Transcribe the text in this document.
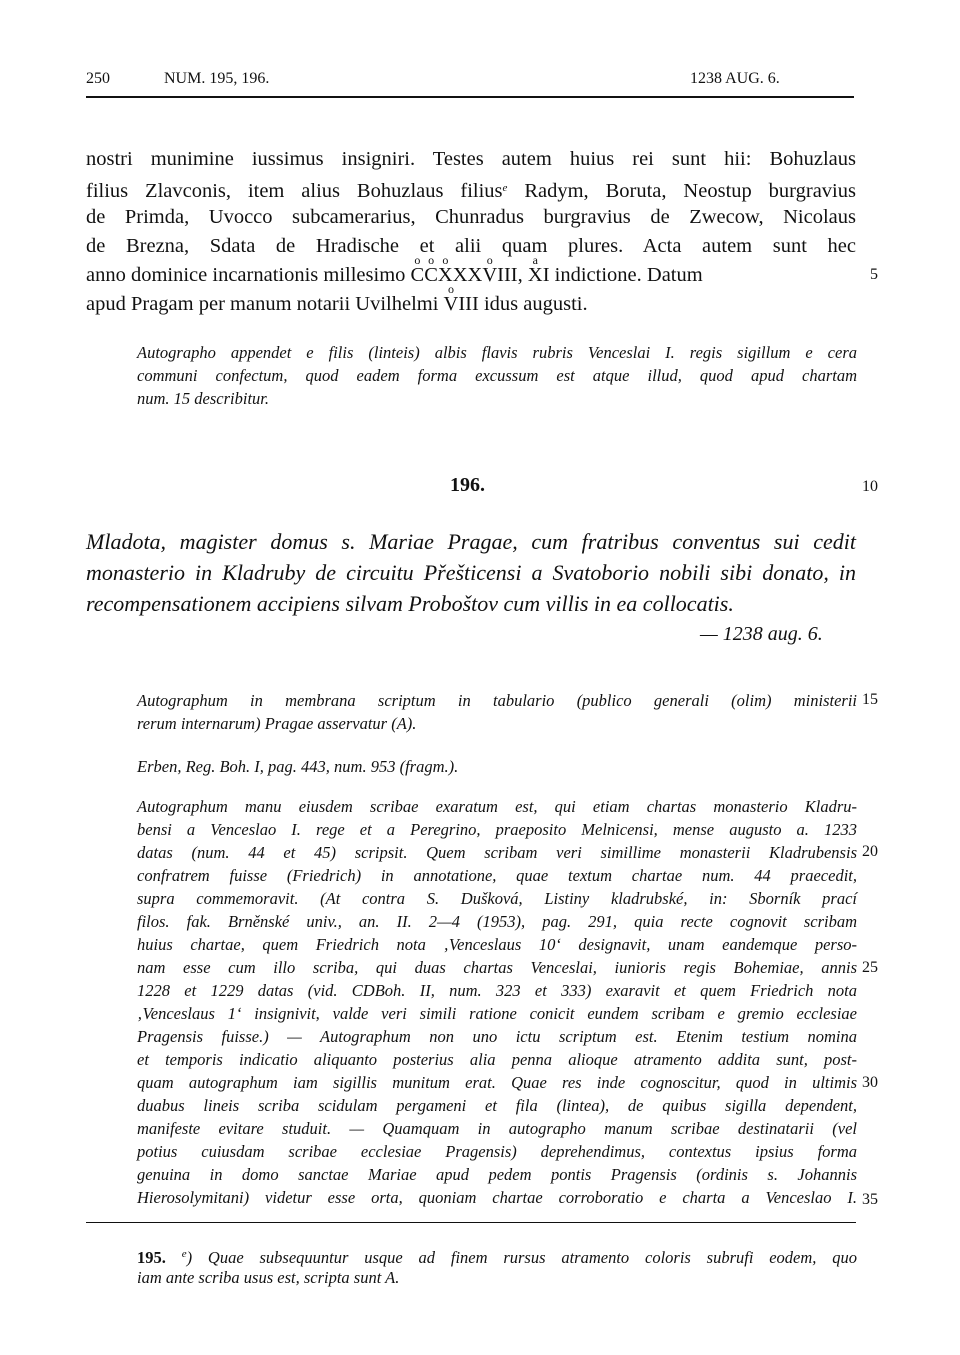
250	NUM. 195, 196.	1238 AUG. 6.
nostri munimine iussimus insigniri. Testes autem huius rei sunt hii: Bohuzlaus
filius Zlavconis, item alius Bohuzlaus filius$^e$ Radym, Boruta, Neostup burgravius
de Primda, Uvocco subcamerarius, Chunradus burgravius de Zwecow, Nicolaus
de Brezna, Sdata de Hradische et alii quam plures. Acta autem sunt hec
anno dominice incarnationis millesimo
o
C
o
C
o
XXX
o
VIII,
a
XI indictione. Datum
apud Pragam per manum notarii Uvilhelmi
o
VIII idus augusti.
Autographo appendet e filis (linteis) albis flavis rubris Venceslai I. regis sigillum e cera
communi confectum, quod eadem forma excussum est atque illud, quod apud chartam
num. 15 describitur.
196.
Mladota, magister domus s. Mariae Pragae, cum fratribus conventus sui cedit
monasterio in Kladruby de circuitu Přešticensi a Svatoborio nobili sibi donato, in
recompensationem accipiens silvam Proboštov cum villis in ea collocatis.
— 1238 aug. 6.
Autographum in membrana scriptum in tabulario (publico generali (olim) ministerii
rerum internarum) Pragae asservatur (A).
Erben, Reg. Boh. I, pag. 443, num. 953 (fragm.).
Autographum manu eiusdem scribae exaratum est, qui etiam chartas monasterio Kladru-
bensi a Venceslao I. rege et a Peregrino, praeposito Melnicensi, mense augusto a. 1233
datas (num. 44 et 45) scripsit. Quem scribam veri simillime monasterii Kladrubensis
confratrem fuisse (Friedrich) in annotatione, quae textum chartae num. 44 praecedit,
supra commemoravit. (At contra S. Dušková, Listiny kladrubské, in: Sborník prací
filos. fak. Brněnské univ., an. II. 2—4 (1953), pag. 291, quia recte cognovit scribam
huius chartae, quem Friedrich nota ‚Venceslaus 10‘ designavit, unam eandemque perso-
nam esse cum illo scriba, qui duas chartas Venceslai, iunioris regis Bohemiae, annis
1228 et 1229 datas (vid. CDBoh. II, num. 323 et 333) exaravit et quem Friedrich nota
‚Venceslaus 1‘ insignivit, valde veri simili ratione conicit eundem scribam e gremio ecclesiae
Pragensis fuisse.) — Autographum non uno ictu scriptum est. Etenim testium nomina
et temporis indicatio aliquanto posterius alia penna alioque atramento addita sunt, post-
quam autographum iam sigillis munitum erat. Quae res inde cognoscitur, quod in ultimis
duabus lineis scriba scidulam pergameni et fila (lintea), de quibus sigilla dependent,
manifeste evitare studuit. — Quamquam in autographo manum scribae destinatarii (vel
potius cuiusdam scribae ecclesiae Pragensis) deprehendimus, contextus ipsius forma
genuina in domo sanctae Mariae apud pedem pontis Pragensis (ordinis s. Johannis
Hierosolymitani) videtur esse orta, quoniam chartae corroboratio e charta a Venceslao I.
5
10
15
20
25
30
35
195. $^e$) Quae subsequuntur usque ad finem rursus atramento coloris subrufi eodem, quo
iam ante scriba usus est, scripta sunt A.
